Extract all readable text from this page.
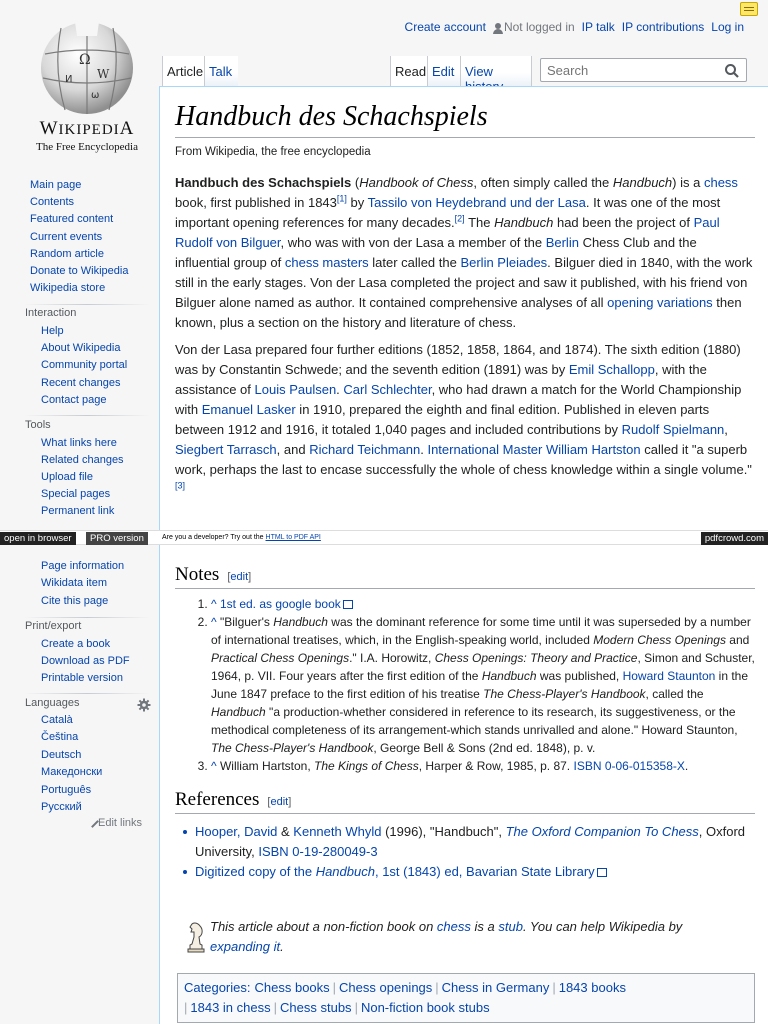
Ω
W
И
ω
WIKIPEDIA
The Free Encyclopedia
Create account Not logged in IP talk IP contributions Log in
Article Talk	Read Edit View
Search
Main page
Contents
Featured content
Current events
Random article
Donate to Wikipedia
Wikipedia store
Interaction
Help
About Wikipedia
Community portal
Recent changes
Contact page
Tools
What links here
Related changes
Upload file
Special pages
Permanent link
Page information
Wikidata item
Cite this page
Print/export
Create a book
Download as PDF
Printable version
Languages
Català
Čeština
Deutsch
Македонски
Português
Русский
Edit links
Handbuch des Schachspiels
From Wikipedia, the free encyclopedia

Handbuch des Schachspiels (Handbook of Chess, often simply called the Handbuch) is a chess book, first published in 1843[1] by Tassilo von Heydebrand und der Lasa. It was one of the most important opening references for many decades.[2] The Handbuch had been the project of Paul Rudolf von Bilguer, who was with von der Lasa a member of the Berlin Chess Club and the influential group of chess masters later called the Berlin Pleiades. Bilguer died in 1840, with the work still in the early stages. Von der Lasa completed the project and saw it published, with his friend von Bilguer alone named as author. It contained comprehensive analyses of all opening variations then known, plus a section on the history and literature of chess.

Von der Lasa prepared four further editions (1852, 1858, 1864, and 1874). The sixth edition (1880) was by Constantin Schwede; and the seventh edition (1891) was by Emil Schallopp, with the assistance of Louis Paulsen. Carl Schlechter, who had drawn a match for the World Championship with Emanuel Lasker in 1910, prepared the eighth and final edition. Published in eleven parts between 1912 and 1916, it totaled 1,040 pages and included contributions by Rudolf Spielmann, Siegbert Tarrasch, and Richard Teichmann. International Master William Hartston called it "a superb work, perhaps the last to encase successfully the whole of chess knowledge within a single volume."[3]

Notes [edit]
1. ^ 1st ed. as google book
2. ^ "Bilguer's Handbuch was the dominant reference for some time until it was superseded by a number of international treatises, which, in the English-speaking world, included Modern Chess Openings and Practical Chess Openings." I.A. Horowitz, Chess Openings: Theory and Practice, Simon and Schuster, 1964, p. VII. Four years after the first edition of the Handbuch was published, Howard Staunton in the June 1847 preface to the first edition of his treatise The Chess-Player's Handbook, called the Handbuch "a production-whether considered in reference to its research, its suggestiveness, or the methodical completeness of its arrangement-which stands unrivalled and alone." Howard Staunton, The Chess-Player's Handbook, George Bell & Sons (2nd ed. 1848), p. v.
3. ^ William Hartston, The Kings of Chess, Harper & Row, 1985, p. 87. ISBN 0-06-015358-X.
References [edit]
Hooper, David & Kenneth Whyld (1996), "Handbuch", The Oxford Companion To Chess, Oxford University, ISBN 0-19-280049-3
Digitized copy of the Handbuch, 1st (1843) ed, Bavarian State Library
This article about a non-fiction book on chess is a stub. You can help Wikipedia by expanding it.
Categories: Chess books | Chess openings | Chess in Germany | 1843 books
| 1843 in chess | Chess stubs | Non-fiction book stubs
open in browser	PRO version	Are you a developer? Try out the HTML to PDF API	pdfcrowd.com
